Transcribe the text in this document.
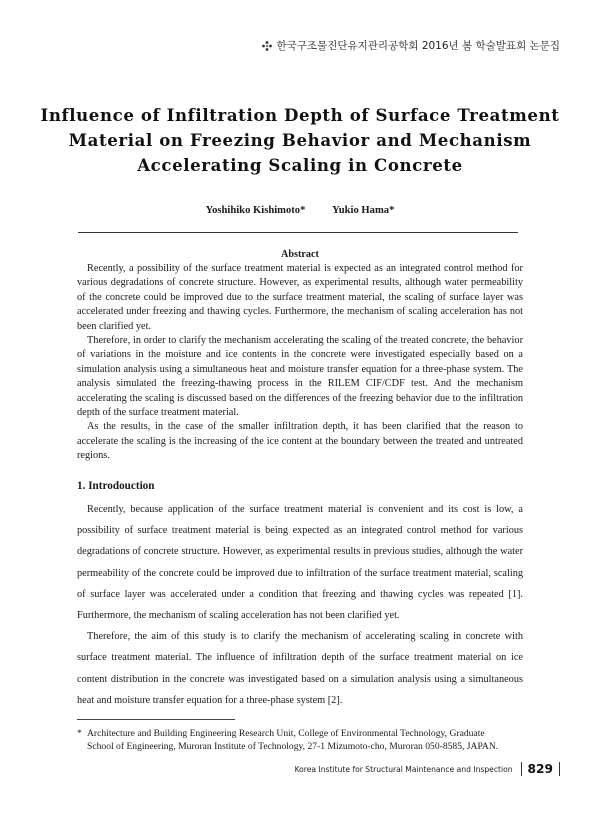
한국구조물진단유지관리공학회 2016년 봄 학술발표회 논문집
Influence of Infiltration Depth of Surface Treatment
Material on Freezing Behavior and Mechanism
Accelerating Scaling in Concrete
Yoshihiko Kishimoto*	Yukio Hama*
Abstract

Recently, a possibility of the surface treatment material is expected as an integrated control method for various degradations of concrete structure. However, as experimental results, although water permeability of the concrete could be improved due to the surface treatment material, the scaling of surface layer was accelerated under freezing and thawing cycles. Furthermore, the mechanism of scaling acceleration has not been clarified yet.

Therefore, in order to clarify the mechanism accelerating the scaling of the treated concrete, the behavior of variations in the moisture and ice contents in the concrete were investigated especially based on a simulation analysis using a simultaneous heat and moisture transfer equation for a three-phase system. The analysis simulated the freezing-thawing process in the RILEM CIF/CDF test. And the mechanism accelerating the scaling is discussed based on the differences of the freezing behavior due to the infiltration depth of the surface treatment material.

As the results, in the case of the smaller infiltration depth, it has been clarified that the reason to accelerate the scaling is the increasing of the ice content at the boundary between the treated and untreated regions.

1. Introdouction

Recently, because application of the surface treatment material is convenient and its cost is low, a possibility of surface treatment material is being expected as an integrated control method for various degradations of concrete structure. However, as experimental results in previous studies, although the water permeability of the concrete could be improved due to infiltration of the surface treatment material, scaling of surface layer was accelerated under a condition that freezing and thawing cycles was repeated [1]. Furthermore, the mechanism of scaling acceleration has not been clarified yet.

Therefore, the aim of this study is to clarify the mechanism of accelerating scaling in concrete with surface treatment material. The influence of infiltration depth of the surface treatment material on ice content distribution in the concrete was investigated based on a simulation analysis using a simultaneous heat and moisture transfer equation for a three-phase system [2].

* Architecture and Building Engineering Research Unit, College of Environmental Technology, Graduate
School of Engineering, Muroran Institute of Technology, 27-1 Mizumoto-cho, Muroran 050-8585, JAPAN.
Korea Institute for Structural Maintenance and Inspection	829
